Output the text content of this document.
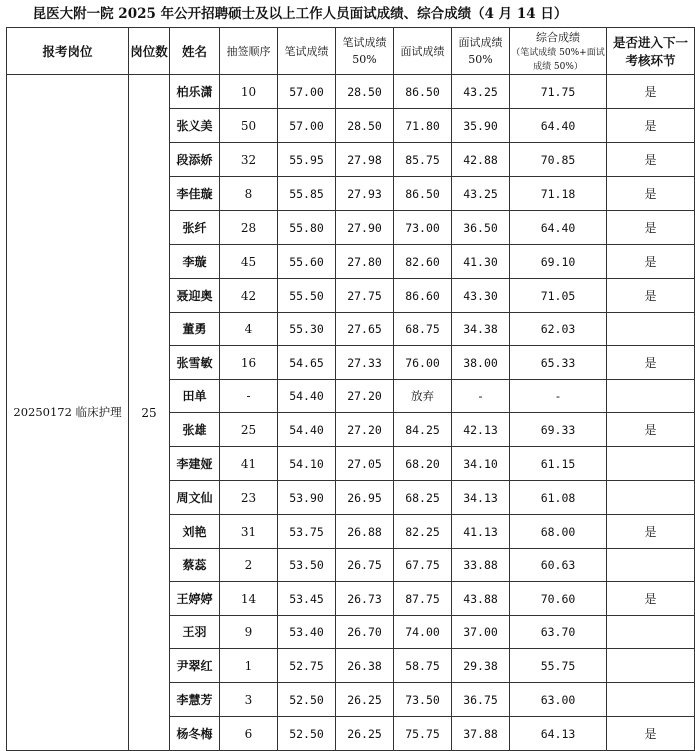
昆医大附一院 2025 年公开招聘硕士及以上工作人员面试成绩、综合成绩（4 月 14 日）
报考岗位	岗位数	姓名	抽签顺序	笔试成绩	笔试成绩 50%	面试成绩	面试成绩 50%	综合成绩
（笔试成绩 50%+面试成绩 50%）	是否进入下一考核环节
20250172 临床护理	25	柏乐潇	10	57.00	28.50	86.50	43.25	71.75	是
		张义美	50	57.00	28.50	71.80	35.90	64.40	是
		段添娇	32	55.95	27.98	85.75	42.88	70.85	是
		李佳璇	8	55.85	27.93	86.50	43.25	71.18	是
		张纤	28	55.80	27.90	73.00	36.50	64.40	是
		李璇	45	55.60	27.80	82.60	41.30	69.10	是
		聂迎奥	42	55.50	27.75	86.60	43.30	71.05	是
		董勇	4	55.30	27.65	68.75	34.38	62.03	
		张雪敏	16	54.65	27.33	76.00	38.00	65.33	是
		田单	-	54.40	27.20	放弃	-	-	
		张雄	25	54.40	27.20	84.25	42.13	69.33	是
		李建娅	41	54.10	27.05	68.20	34.10	61.15	
		周文仙	23	53.90	26.95	68.25	34.13	61.08	
		刘艳	31	53.75	26.88	82.25	41.13	68.00	是
		蔡蕊	2	53.50	26.75	67.75	33.88	60.63	
		王婷婷	14	53.45	26.73	87.75	43.88	70.60	是
		王羽	9	53.40	26.70	74.00	37.00	63.70	
		尹翠红	1	52.75	26.38	58.75	29.38	55.75	
		李慧芳	3	52.50	26.25	73.50	36.75	63.00	
		杨冬梅	6	52.50	26.25	75.75	37.88	64.13	是
